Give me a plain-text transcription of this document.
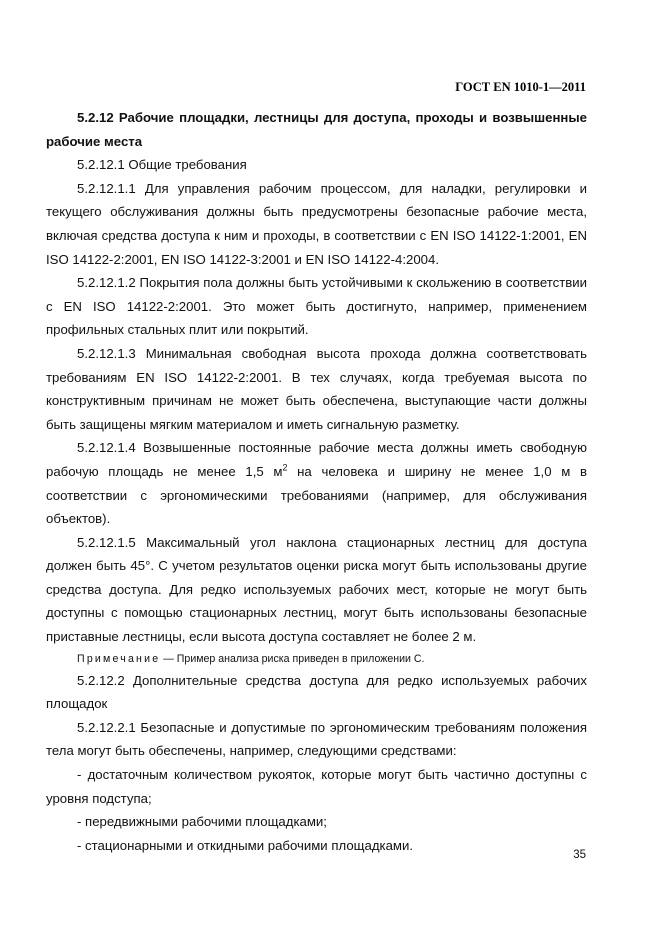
ГОСТ EN 1010-1—2011

5.2.12 Рабочие площадки, лестницы для доступа, проходы и возвышенные рабочие места

5.2.12.1 Общие требования

5.2.12.1.1 Для управления рабочим процессом, для наладки, регулировки и текущего обслуживания должны быть предусмотрены безопасные рабочие места, включая средства доступа к ним и проходы, в соответствии с EN ISO 14122-1:2001, EN ISO 14122-2:2001, EN ISO 14122-3:2001 и EN ISO 14122-4:2004.

5.2.12.1.2 Покрытия пола должны быть устойчивыми к скольжению в соответствии с EN ISO 14122-2:2001. Это может быть достигнуто, например, применением профильных стальных плит или покрытий.

5.2.12.1.3 Минимальная свободная высота прохода должна соответствовать требованиям EN ISO 14122-2:2001. В тех случаях, когда требуемая высота по конструктивным причинам не может быть обеспечена, выступающие части должны быть защищены мягким материалом и иметь сигнальную разметку.

5.2.12.1.4 Возвышенные постоянные рабочие места должны иметь свободную рабочую площадь не менее 1,5 $м^2$ на человека и ширину не менее 1,0 м в соответствии с эргономическими требованиями (например, для обслуживания объектов).

5.2.12.1.5 Максимальный угол наклона стационарных лестниц для доступа должен быть 45°. С учетом результатов оценки риска могут быть использованы другие средства доступа. Для редко используемых рабочих мест, которые не могут быть доступны с помощью стационарных лестниц, могут быть использованы безопасные приставные лестницы, если высота доступа составляет не более 2 м.

Примечание — Пример анализа риска приведен в приложении С.

5.2.12.2 Дополнительные средства доступа для редко используемых рабочих площадок

5.2.12.2.1 Безопасные и допустимые по эргономическим требованиям положения тела могут быть обеспечены, например, следующими средствами:

- достаточным количеством рукояток, которые могут быть частично доступны с уровня подступа;

- передвижными рабочими площадками;

- стационарными и откидными рабочими площадками.

35
